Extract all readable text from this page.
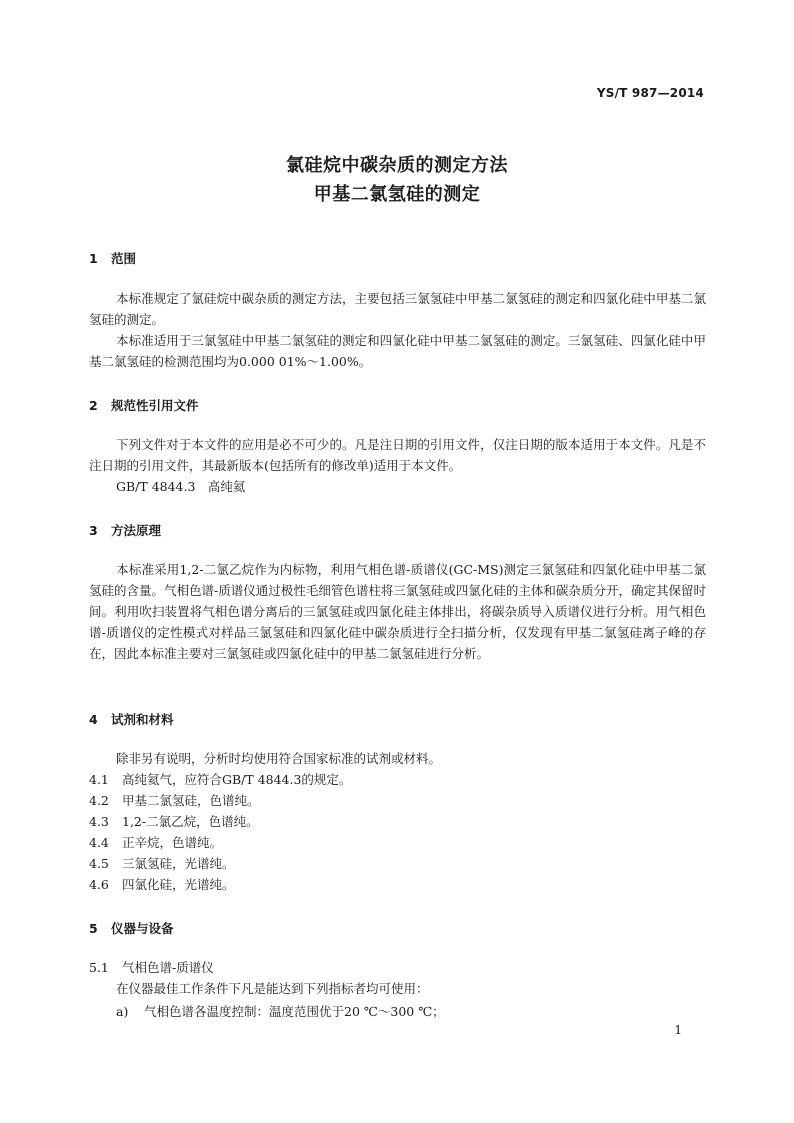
YS/T 987—2014
氯硅烷中碳杂质的测定方法
甲基二氯氢硅的测定
1 范围
本标准规定了氯硅烷中碳杂质的测定方法，主要包括三氯氢硅中甲基二氯氢硅的测定和四氯化硅中甲基二氯氢硅的测定。
本标准适用于三氯氢硅中甲基二氯氢硅的测定和四氯化硅中甲基二氯氢硅的测定。三氯氢硅、四氯化硅中甲基二氯氢硅的检测范围均为0.000 01%～1.00%。
2 规范性引用文件
下列文件对于本文件的应用是必不可少的。凡是注日期的引用文件，仅注日期的版本适用于本文件。凡是不注日期的引用文件，其最新版本(包括所有的修改单)适用于本文件。
GB/T 4844.3　高纯氦
3 方法原理
本标准采用1,2-二氯乙烷作为内标物，利用气相色谱-质谱仪(GC-MS)测定三氯氢硅和四氯化硅中甲基二氯氢硅的含量。气相色谱-质谱仪通过极性毛细管色谱柱将三氯氢硅或四氯化硅的主体和碳杂质分开，确定其保留时间。利用吹扫装置将气相色谱分离后的三氯氢硅或四氯化硅主体排出，将碳杂质导入质谱仪进行分析。用气相色谱-质谱仪的定性模式对样品三氯氢硅和四氯化硅中碳杂质进行全扫描分析，仅发现有甲基二氯氢硅离子峰的存在，因此本标准主要对三氯氢硅或四氯化硅中的甲基二氯氢硅进行分析。
4 试剂和材料
除非另有说明，分析时均使用符合国家标准的试剂或材料。
4.1 高纯氦气，应符合GB/T 4844.3的规定。
4.2 甲基二氯氢硅，色谱纯。
4.3 1,2-二氯乙烷，色谱纯。
4.4 正辛烷，色谱纯。
4.5 三氯氢硅，光谱纯。
4.6 四氯化硅，光谱纯。
5 仪器与设备
5.1 气相色谱-质谱仪
在仪器最佳工作条件下凡是能达到下列指标者均可使用：
a) 气相色谱各温度控制：温度范围优于20 ℃～300 ℃；
1
